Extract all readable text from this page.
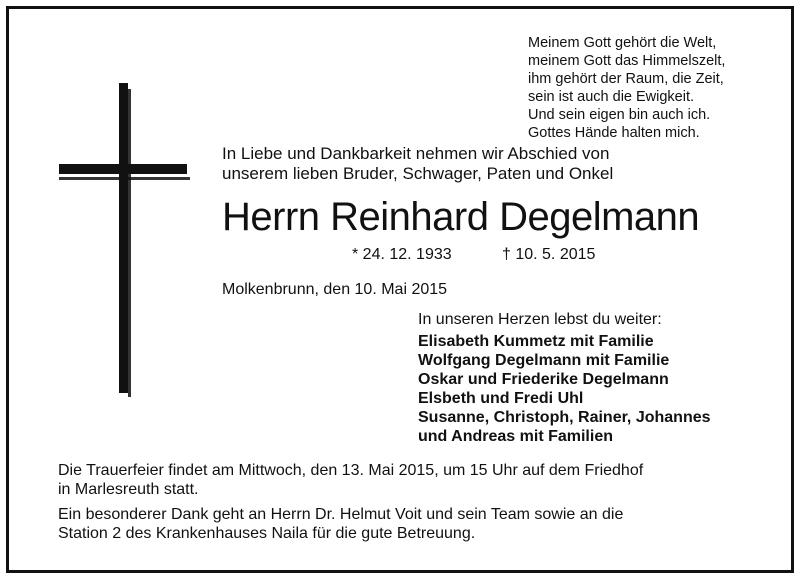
Meinem Gott gehört die Welt,
meinem Gott das Himmelszelt,
ihm gehört der Raum, die Zeit,
sein ist auch die Ewigkeit.
Und sein eigen bin auch ich.
Gottes Hände halten mich.
In Liebe und Dankbarkeit nehmen wir Abschied von
unserem lieben Bruder, Schwager, Paten und Onkel
Herrn Reinhard Degelmann
* 24. 12. 1933	† 10. 5. 2015
Molkenbrunn, den 10. Mai 2015
In unseren Herzen lebst du weiter:
Elisabeth Kummetz mit Familie
Wolfgang Degelmann mit Familie
Oskar und Friederike Degelmann
Elsbeth und Fredi Uhl
Susanne, Christoph, Rainer, Johannes
und Andreas mit Familien
Die Trauerfeier findet am Mittwoch, den 13. Mai 2015, um 15 Uhr auf dem Friedhof
in Marlesreuth statt.
Ein besonderer Dank geht an Herrn Dr. Helmut Voit und sein Team sowie an die
Station 2 des Krankenhauses Naila für die gute Betreuung.
